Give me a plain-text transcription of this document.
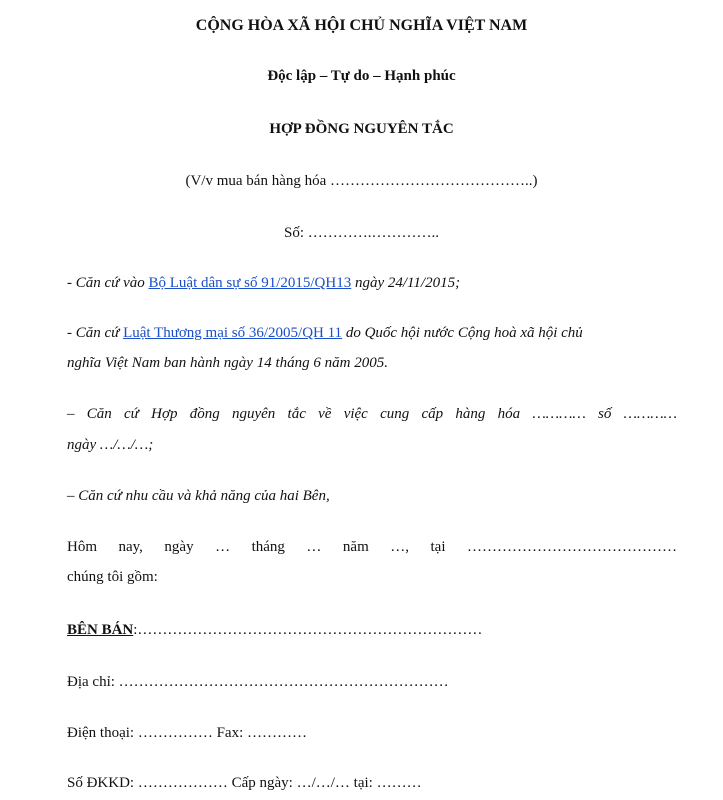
CỘNG HÒA XÃ HỘI CHỦ NGHĨA VIỆT NAM
Độc lập – Tự do – Hạnh phúc
HỢP ĐỒNG NGUYÊN TẮC
(V/v mua bán hàng hóa …………………………………..)
Số: ………….…………..
- Căn cứ vào Bộ Luật dân sự số 91/2015/QH13 ngày 24/11/2015;
- Căn cứ Luật Thương mại số 36/2005/QH 11 do Quốc hội nước Cộng hoà xã hội chủ
nghĩa Việt Nam ban hành ngày 14 tháng 6 năm 2005.
– Căn cứ Hợp đồng nguyên tắc về việc cung cấp hàng hóa ………… số …………
ngày …/…/…;
– Căn cứ nhu cầu và khả năng của hai Bên,
Hôm nay, ngày … tháng … năm …, tại ……………………………………
chúng tôi gồm:
BÊN BÁN:……………………………………………………………
Địa chỉ: …………………………………………………………
Điện thoại: …………… Fax: …………
Số ĐKKD: ……………… Cấp ngày: …/…/… tại: ………
